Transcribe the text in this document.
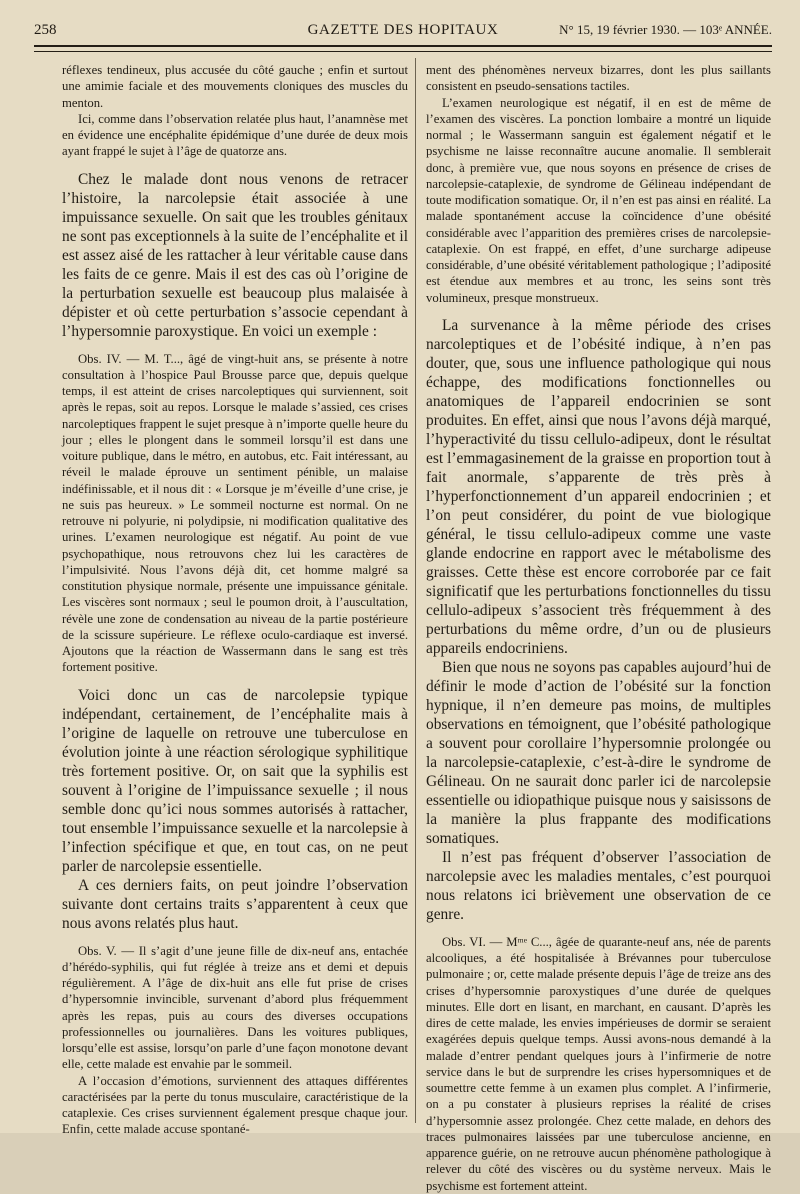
258	GAZETTE DES HOPITAUX	N° 15, 19 février 1930. — 103ᵉ ANNÉE.

réflexes tendineux, plus accusée du côté gauche ; enfin et surtout une amimie faciale et des mouvements cloniques des muscles du menton.

Ici, comme dans l’observation relatée plus haut, l’anamnèse met en évidence une encéphalite épidémique d’une durée de deux mois ayant frappé le sujet à l’âge de quatorze ans.

Chez le malade dont nous venons de retracer l’histoire, la narcolepsie était associée à une impuissance sexuelle. On sait que les troubles génitaux ne sont pas exceptionnels à la suite de l’encéphalite et il est assez aisé de les rattacher à leur véritable cause dans les faits de ce genre. Mais il est des cas où l’origine de la perturbation sexuelle est beaucoup plus malaisée à dépister et où cette perturbation s’associe cependant à l’hypersomnie paroxystique. En voici un exemple :

Obs. IV. — M. T..., âgé de vingt-huit ans, se présente à notre consultation à l’hospice Paul Brousse parce que, depuis quelque temps, il est atteint de crises narcoleptiques qui surviennent, soit après le repas, soit au repos. Lorsque le malade s’assied, ces crises narcoleptiques frappent le sujet presque à n’importe quelle heure du jour ; elles le plongent dans le sommeil lorsqu’il est dans une voiture publique, dans le métro, en autobus, etc. Fait intéressant, au réveil le malade éprouve un sentiment pénible, un malaise indéfinissable, et il nous dit : « Lorsque je m’éveille d’une crise, je ne suis pas heureux. » Le sommeil nocturne est normal. On ne retrouve ni polyurie, ni polydipsie, ni modification qualitative des urines. L’examen neurologique est négatif. Au point de vue psychopathique, nous retrouvons chez lui les caractères de l’impulsivité. Nous l’avons déjà dit, cet homme malgré sa constitution physique normale, présente une impuissance génitale. Les viscères sont normaux ; seul le poumon droit, à l’auscultation, révèle une zone de condensation au niveau de la partie postérieure de la scissure supérieure. Le réflexe oculo-cardiaque est inversé. Ajoutons que la réaction de Wassermann dans le sang est très fortement positive.

Voici donc un cas de narcolepsie typique indépendant, certainement, de l’encéphalite mais à l’origine de laquelle on retrouve une tuberculose en évolution jointe à une réaction sérologique syphilitique très fortement positive. Or, on sait que la syphilis est souvent à l’origine de l’impuissance sexuelle ; il nous semble donc qu’ici nous sommes autorisés à rattacher, tout ensemble l’impuissance sexuelle et la narcolepsie à l’infection spécifique et que, en tout cas, on ne peut parler de narcolepsie essentielle.

A ces derniers faits, on peut joindre l’observation suivante dont certains traits s’apparentent à ceux que nous avons relatés plus haut.

Obs. V. — Il s’agit d’une jeune fille de dix-neuf ans, entachée d’hérédo-syphilis, qui fut réglée à treize ans et demi et depuis régulièrement. A l’âge de dix-huit ans elle fut prise de crises d’hypersomnie invincible, survenant d’abord plus fréquemment après les repas, puis au cours des diverses occupations professionnelles ou journalières. Dans les voitures publiques, lorsqu’elle est assise, lorsqu’on parle d’une façon monotone devant elle, cette malade est envahie par le sommeil.

A l’occasion d’émotions, surviennent des attaques différentes caractérisées par la perte du tonus musculaire, caractéristique de la cataplexie. Ces crises surviennent également presque chaque jour. Enfin, cette malade accuse spontané-

ment des phénomènes nerveux bizarres, dont les plus saillants consistent en pseudo-sensations tactiles.

L’examen neurologique est négatif, il en est de même de l’examen des viscères. La ponction lombaire a montré un liquide normal ; le Wassermann sanguin est également négatif et le psychisme ne laisse reconnaître aucune anomalie. Il semblerait donc, à première vue, que nous soyons en présence de crises de narcolepsie-cataplexie, de syndrome de Gélineau indépendant de toute modification somatique. Or, il n’en est pas ainsi en réalité. La malade spontanément accuse la coïncidence d’une obésité considérable avec l’apparition des premières crises de narcolepsie-cataplexie. On est frappé, en effet, d’une surcharge adipeuse considérable, d’une obésité véritablement pathologique ; l’adiposité est étendue aux membres et au tronc, les seins sont très volumineux, presque monstrueux.

La survenance à la même période des crises narcoleptiques et de l’obésité indique, à n’en pas douter, que, sous une influence pathologique qui nous échappe, des modifications fonctionnelles ou anatomiques de l’appareil endocrinien se sont produites. En effet, ainsi que nous l’avons déjà marqué, l’hyperactivité du tissu cellulo-adipeux, dont le résultat est l’emmagasinement de la graisse en proportion tout à fait anormale, s’apparente de très près à l’hyperfonctionnement d’un appareil endocrinien ; et l’on peut considérer, du point de vue biologique général, le tissu cellulo-adipeux comme une vaste glande endocrine en rapport avec le métabolisme des graisses. Cette thèse est encore corroborée par ce fait significatif que les perturbations fonctionnelles du tissu cellulo-adipeux s’associent très fréquemment à des perturbations du même ordre, d’un ou de plusieurs appareils endocriniens.

Bien que nous ne soyons pas capables aujourd’hui de définir le mode d’action de l’obésité sur la fonction hypnique, il n’en demeure pas moins, de multiples observations en témoignent, que l’obésité pathologique a souvent pour corollaire l’hypersomnie prolongée ou la narcolepsie-cataplexie, c’est-à-dire le syndrome de Gélineau. On ne saurait donc parler ici de narcolepsie essentielle ou idiopathique puisque nous y saisissons de la manière la plus frappante des modifications somatiques.

Il n’est pas fréquent d’observer l’association de narcolepsie avec les maladies mentales, c’est pourquoi nous relatons ici brièvement une observation de ce genre.

Obs. VI. — Mᵐᵉ C..., âgée de quarante-neuf ans, née de parents alcooliques, a été hospitalisée à Brévannes pour tuberculose pulmonaire ; or, cette malade présente depuis l’âge de treize ans des crises d’hypersomnie paroxystiques d’une durée de quelques minutes. Elle dort en lisant, en marchant, en causant. D’après les dires de cette malade, les envies impérieuses de dormir se seraient exagérées depuis quelque temps. Aussi avons-nous demandé à la malade d’entrer pendant quelques jours à l’infirmerie de notre service dans le but de surprendre les crises hypersomniques et de soumettre cette femme à un examen plus complet. A l’infirmerie, on a pu constater à plusieurs reprises la réalité de crises d’hypersomnie assez prolongée. Chez cette malade, en dehors des traces pulmonaires laissées par une tuberculose ancienne, en apparence guérie, on ne retrouve aucun phénomène pathologique à relever du côté des viscères ou du système nerveux. Mais le psychisme est fortement atteint.
